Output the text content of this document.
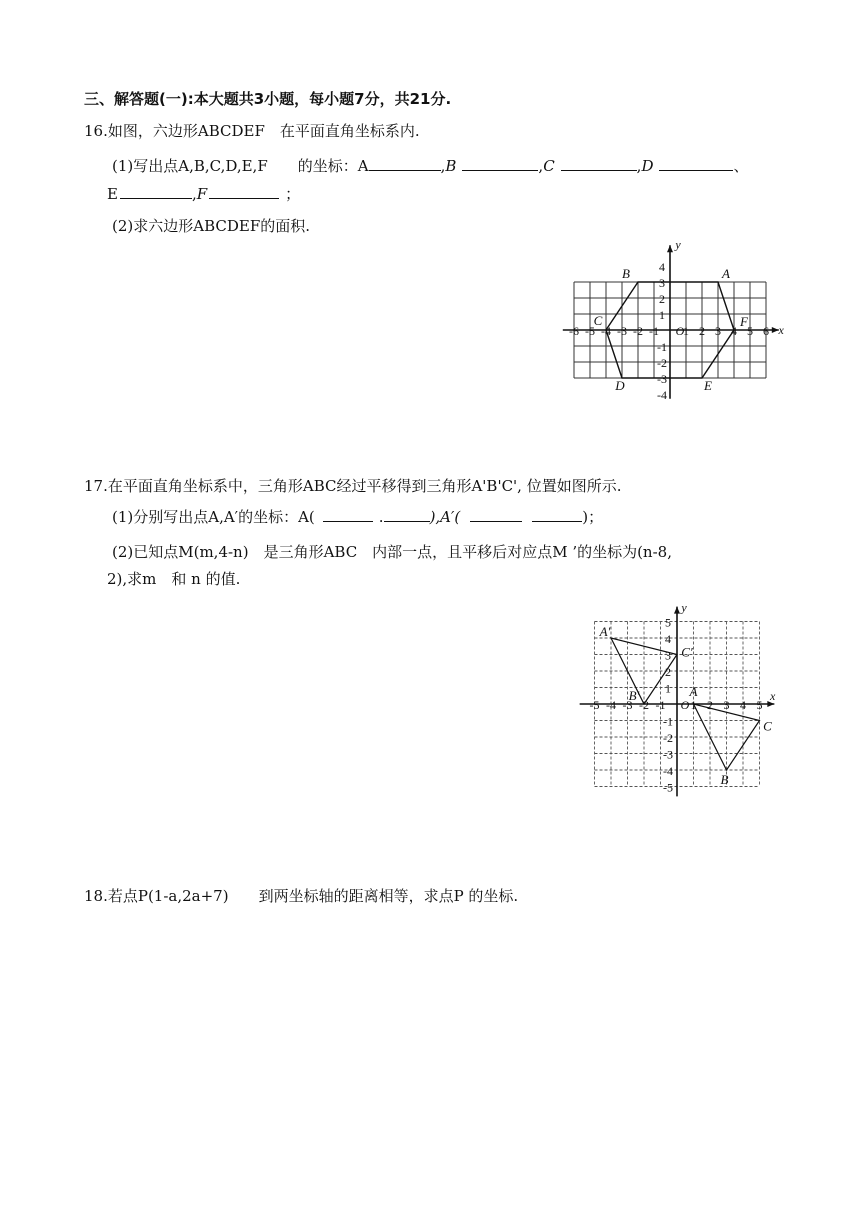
三、解答题(一):本大题共3小题，每小题7分，共21分.
16.如图，六边形ABCDEF　在平面直角坐标系内.
(1)写出点A,B,C,D,E,F　　的坐标：A	,B	,C	,D	、
E	,F	；
(2)求六边形ABCDEF的面积.
-6 -5 -4 -3 -2 -1 1 2 3 4 5 6
1
2
3
4
-1
-2
-3
-4
O	x
y
A
B
C
D	E
F
17.在平面直角坐标系中，三角形ABC经过平移得到三角形A'B'C', 位置如图所示.
(1)分别写出点A,A′的坐标：A(	.	),A′(	)；
(2)已知点M(m,4-n)　是三角形ABC　内部一点，且平移后对应点M ’的坐标为(n-8,
2),求m　和 n 的值.
-5 -4 -3 -2 -1 1 2 3 4 5
1
2
3
4
5
-1
-2
-3
-4
-5
O
x
y
A
B
C
A′
B′
C′
18.若点P(1-a,2a+7)　　到两坐标轴的距离相等，求点P 的坐标.
